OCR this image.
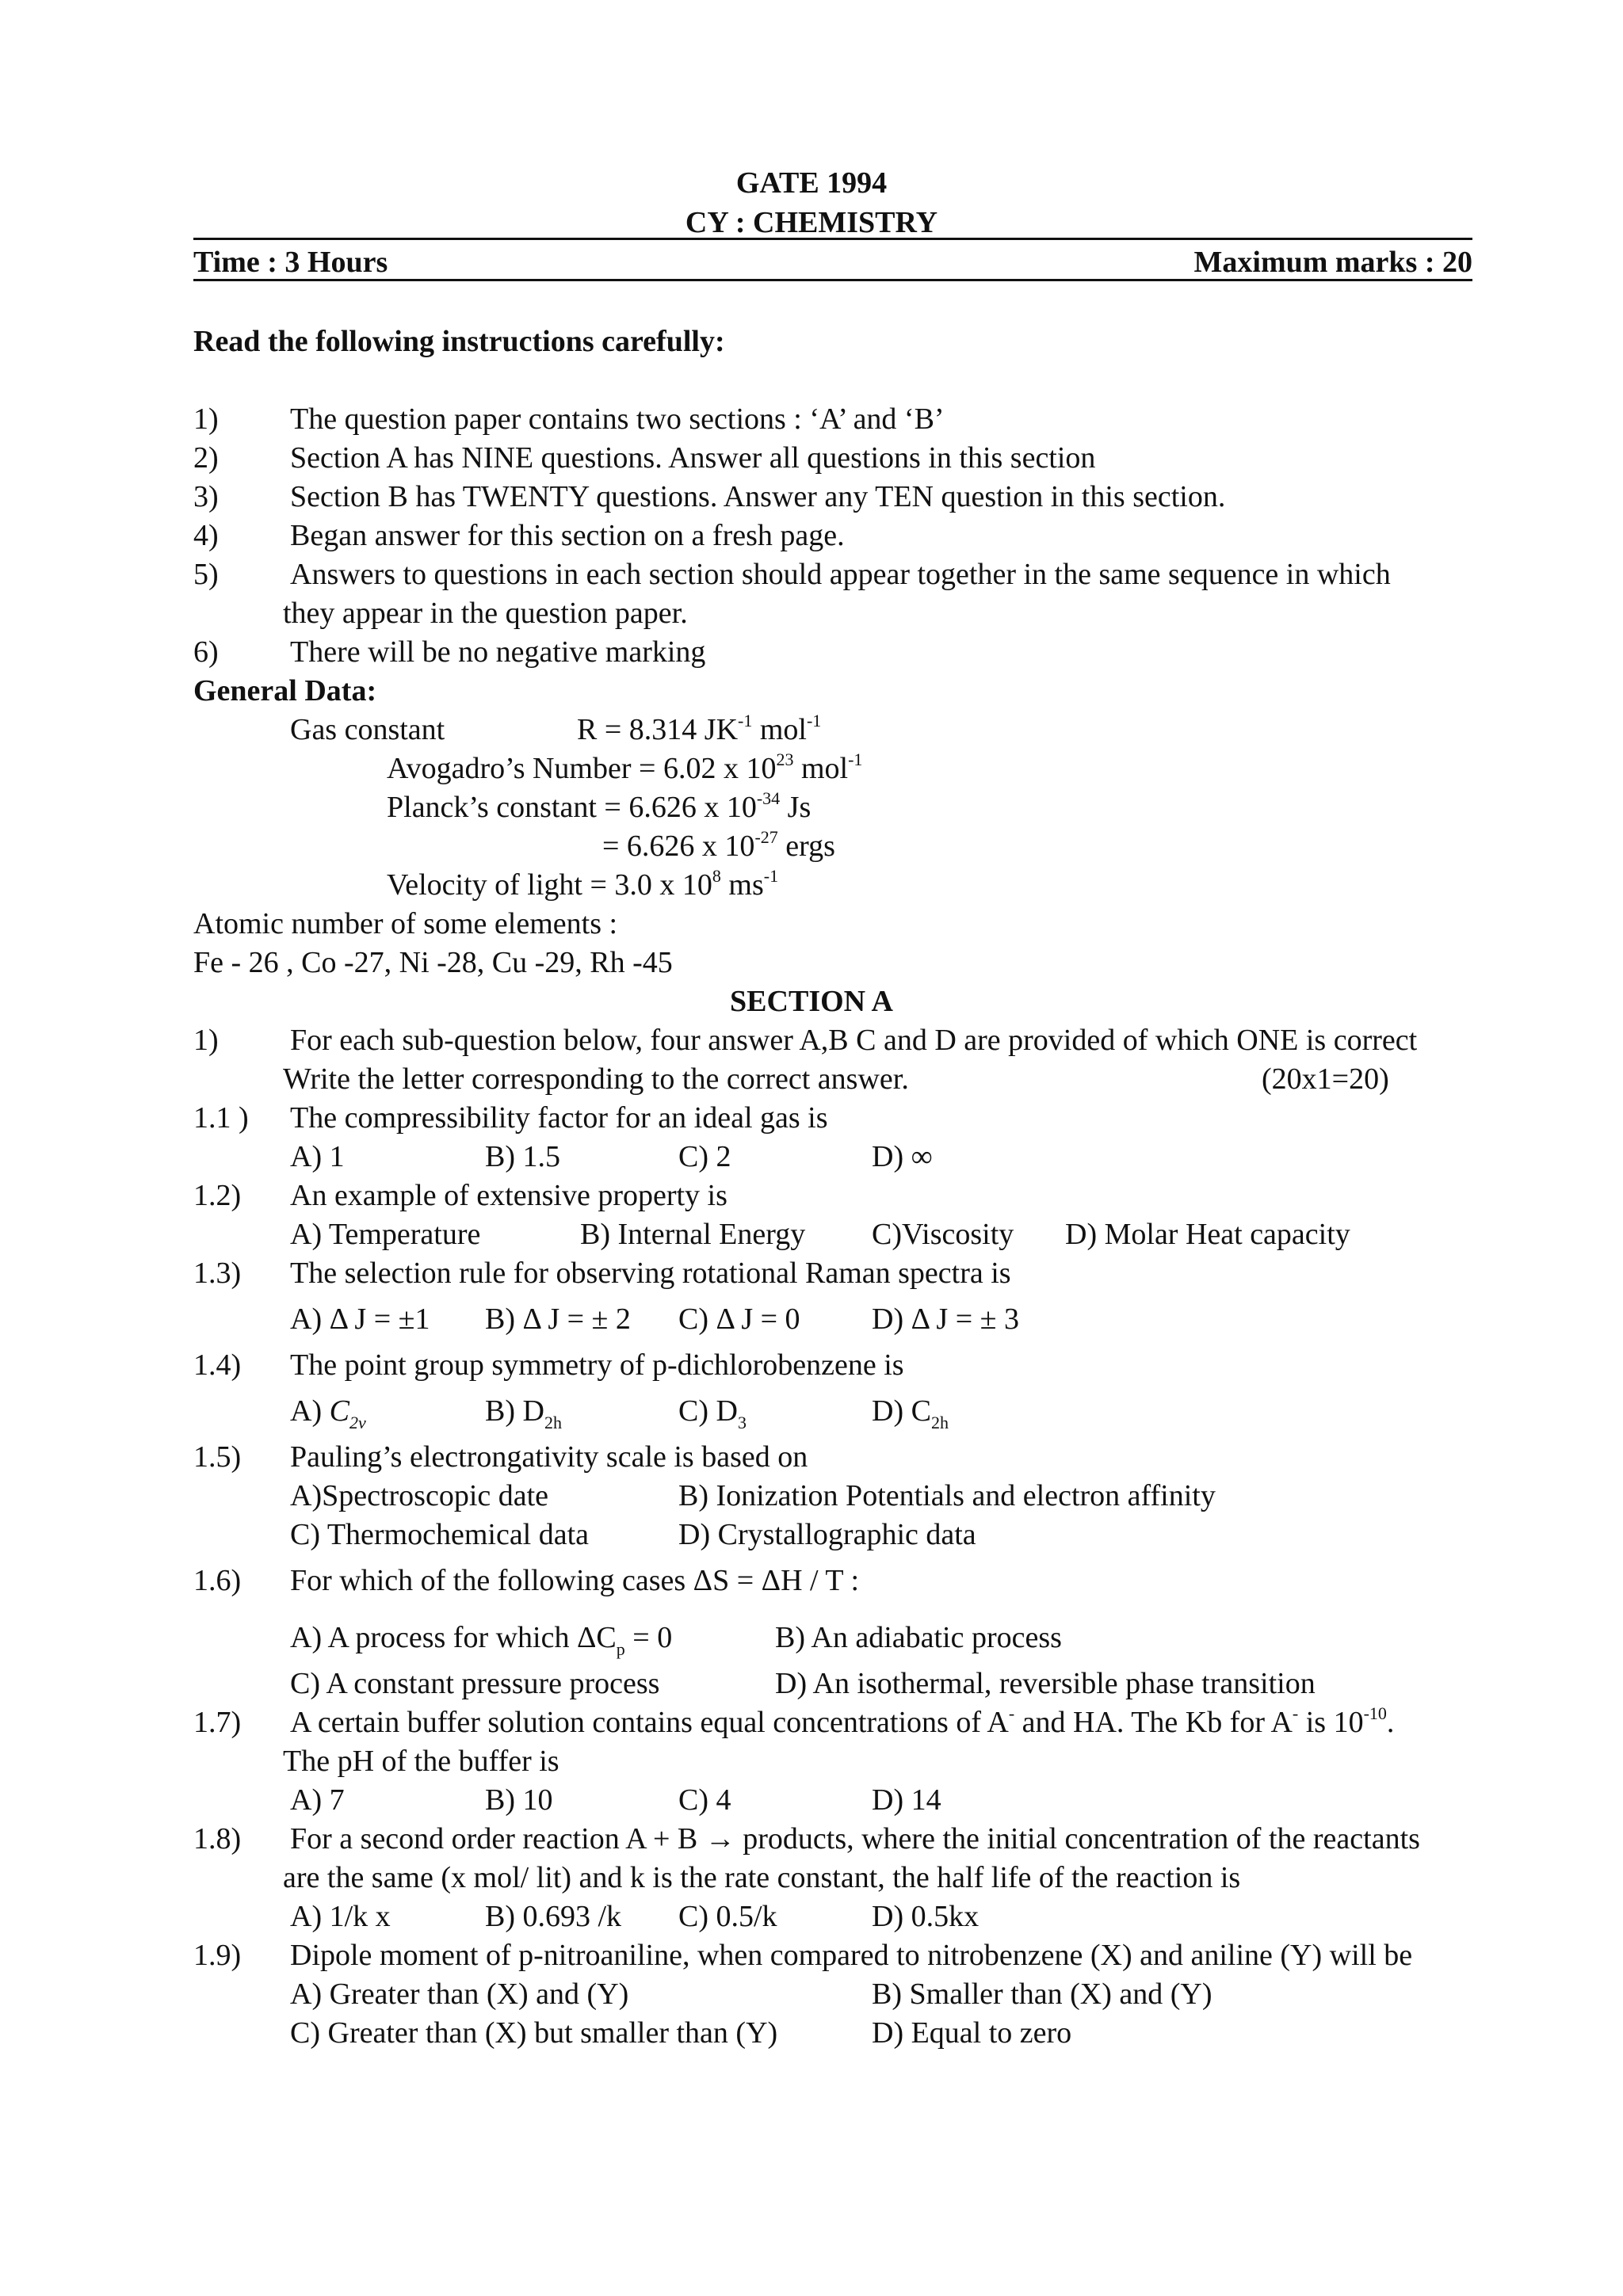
GATE 1994
CY : CHEMISTRY
Time : 3 Hours	Maximum marks : 20
Read the following instructions carefully:
1) The question paper contains two sections : ‘A’ and ‘B’
2) Section A has NINE questions. Answer all questions in this section
3) Section B has TWENTY questions. Answer any TEN question in this section.
4) Began answer for this section on a fresh page.
5) Answers to questions in each section should appear together in the same sequence in which
they appear in the question paper.
6) There will be no negative marking
General Data:
Gas constant	R = 8.314 $JK^{-1}$ mol$^{-1}$
Avogadro’s Number = 6.02 x $10^{23}$ mol$^{-1}$
Planck’s constant = 6.626 x $10^{-34}$ Js
= 6.626 x $10^{-27}$ ergs
Velocity of light = 3.0 x $10^8$ $ms^{-1}$
Atomic number of some elements :
Fe - 26 , Co -27, Ni -28, Cu -29, Rh -45
SECTION A
1) For each sub-question below, four answer A,B C and D are provided of which ONE is correct
Write the letter corresponding to the correct answer.	(20x1=20)
1.1 ) The compressibility factor for an ideal gas is
A) 1	B) 1.5	C) 2	D) ∞
1.2) An example of extensive property is
A) Temperature	B) Internal Energy C)Viscosity D) Molar Heat capacity
1.3) The selection rule for observing rotational Raman spectra is
A) Δ J = ±1 B) Δ J = ± 2 C) Δ J = 0 D) Δ J = ± 3
1.4) The point group symmetry of p-dichlorobenzene is
A) $C_{2v}$	B) $D_{2h}$	C) $D_3$	D) $C_{2h}$
1.5) Pauling’s electrongativity scale is based on
A)Spectroscopic date	B) Ionization Potentials and electron affinity
C) Thermochemical data	D) Crystallographic data
1.6) For which of the following cases ΔS = ΔH / T :
A) A process for which $\Delta C_p = 0$	B) An adiabatic process
C) A constant pressure process	D) An isothermal, reversible phase transition
1.7) A certain buffer solution contains equal concentrations of A- and HA. The Kb for A- is $10^{-10}$.
The pH of the buffer is
A) 7	B) 10	C) 4	D) 14
1.8) For a second order reaction A + B → products, where the initial concentration of the reactants
are the same (x mol/ lit) and k is the rate constant, the half life of the reaction is
A) 1/k x	B) 0.693 /k C) 0.5/k	D) 0.5kx
1.9) Dipole moment of p-nitroaniline, when compared to nitrobenzene (X) and aniline (Y) will be
A) Greater than (X) and (Y)	B) Smaller than (X) and (Y)
C) Greater than (X) but smaller than (Y)	D) Equal to zero
